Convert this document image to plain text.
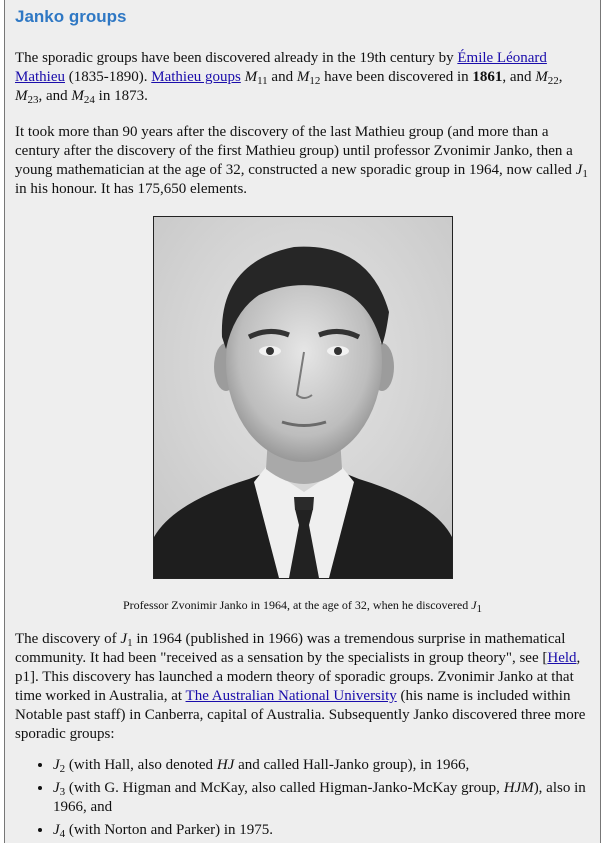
Janko groups

The sporadic groups have been discovered already in the 19th century by Émile Léonard Mathieu (1835-1890). Mathieu goups $M_{11}$ and $M_{12}$ have been discovered in 1861, and $M_{22}$, $M_{23}$, and $M_{24}$ in 1873.

It took more than 90 years after the discovery of the last Mathieu group (and more than a century after the discovery of the first Mathieu group) until professor Zvonimir Janko, then a young mathematician at the age of 32, constructed a new sporadic group in 1964, now called $J_1$ in his honour. It has 175,650 elements.

Professor Zvonimir Janko in 1964, at the age of 32, when he discovered $J_1$

The discovery of $J_1$ in 1964 (published in 1966) was a tremendous surprise in mathematical community. It had been "received as a sensation by the specialists in group theory", see [Held, p1]. This discovery has launched a modern theory of sporadic groups. Zvonimir Janko at that time worked in Australia, at The Australian National University (his name is included within Notable past staff) in Canberra, capital of Australia. Subsequently Janko discovered three more sporadic groups:

• $J_2$ (with Hall, also denoted HJ and called Hall-Janko group), in 1966,
• $J_3$ (with G. Higman and McKay, also called Higman-Janko-McKay group, HJM), also in 1966, and
• $J_4$ (with Norton and Parker) in 1975.
